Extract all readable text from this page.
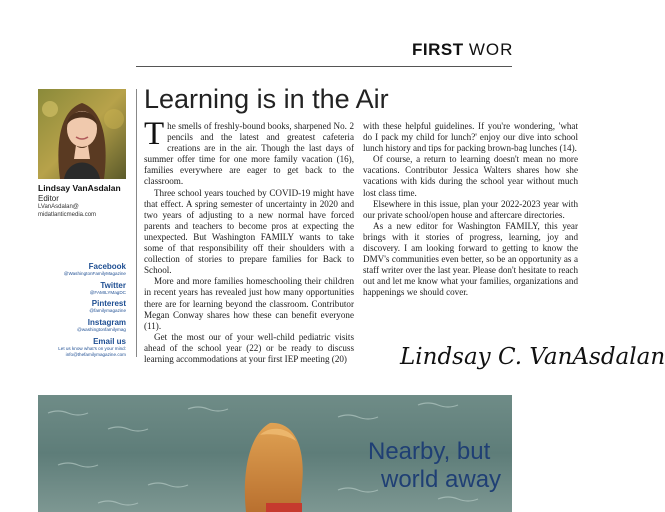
FIRST WOR
Lindsay VanAsdalan
Editor
LVanAsdalan@
midatlanticmedia.com
Facebook
@WashingtonFamilyMagazine
Twitter
@FAMILYMagDC
Pinterest
@familymagazine
Instagram
@washingtonfamilymag
Email us
Let us know what's on your mind:
info@thefamilymagazine.com
Learning is in the Air

The smells of freshly-bound books, sharpened No. 2 pencils and the latest and greatest cafeteria creations are in the air. Though the last days of summer offer time for one more family vacation (16), families everywhere are eager to get back to the classroom.

Three school years touched by COVID-19 might have that effect. A spring semester of uncertainty in 2020 and two years of adjusting to a new normal have forced parents and teachers to become pros at expecting the unexpected. But Washington FAMILY wants to take some of that responsibility off their shoulders with a collection of stories to prepare families for Back to School.

More and more families homeschooling their children in recent years has revealed just how many opportunities there are for learning beyond the classroom. Contributor Megan Conway shares how these can benefit everyone (11).

Get the most our of your well-child pediatric visits ahead of the school year (22) or be ready to discuss learning accommodations at your first IEP meeting (20)

with these helpful guidelines. If you're wondering, 'what do I pack my child for lunch?' enjoy our dive into school lunch history and tips for packing brown-bag lunches (14).

Of course, a return to learning doesn't mean no more vacations. Contributor Jessica Walters shares how she vacations with kids during the school year without much lost class time.

Elsewhere in this issue, plan your 2022-2023 year with our private school/open house and aftercare directories.

As a new editor for Washington FAMILY, this year brings with it stories of progress, learning, joy and discovery. I am looking forward to getting to know the DMV's communities even better, so be an opportunity as a staff writer over the last year. Please don't hesitate to reach out and let me know what your families, organizations and happenings we should cover.

Lindsay C. VanAsdalan
Nearby, but
world away
